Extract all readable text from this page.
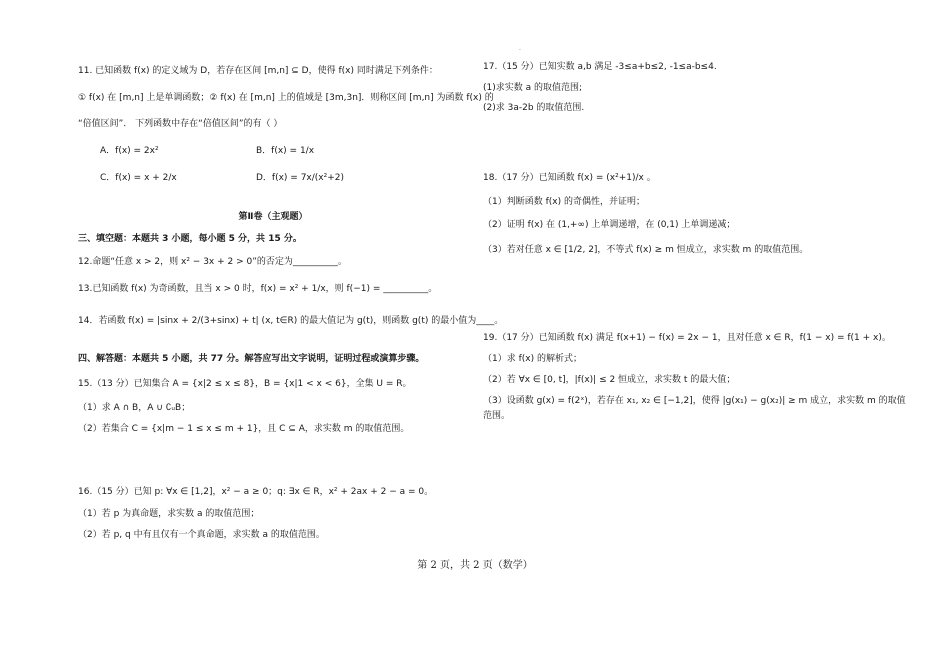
11. 已知函数 f(x) 的定义域为 D，若存在区间 [m,n] ⊆ D，使得 f(x) 同时满足下列条件：
① f(x) 在 [m,n] 上是单调函数；② f(x) 在 [m,n] 上的值域是 [3m,3n]．则称区间 [m,n] 为函数 f(x) 的
“倍值区间”． 下列函数中存在“倍值区间”的有（ ）
A．f(x) = 2x²	B．f(x) = 1/x
C．f(x) = x + 2/x	D．f(x) = 7x/(x²+2)
第Ⅱ卷（主观题）
三、填空题：本题共 3 小题，每小题 5 分，共 15 分。
12.命题“任意 x > 2，则 x² − 3x + 2 > 0”的否定为__________。
13.已知函数 f(x) 为奇函数，且当 x > 0 时，f(x) = x² + 1/x，则 f(−1) = __________。
14．若函数 f(x) = |sinx + 2/(3+sinx) + t| (x, t∈R) 的最大值记为 g(t)，则函数 g(t) 的最小值为____。
四、解答题：本题共 5 小题，共 77 分。解答应写出文字说明，证明过程或演算步骤。
15.（13 分）已知集合 A = {x|2 ≤ x ≤ 8}，B = {x|1 < x < 6}，全集 U = R。
（1）求 A ∩ B，A ∪ ∁ᵤB；
（2）若集合 C = {x|m − 1 ≤ x ≤ m + 1}，且 C ⊆ A，求实数 m 的取值范围。
16.（15 分）已知 p: ∀x ∈ [1,2]，x² − a ≥ 0；q: ∃x ∈ R，x² + 2ax + 2 − a = 0。
（1）若 p 为真命题，求实数 a 的取值范围；
（2）若 p, q 中有且仅有一个真命题，求实数 a 的取值范围。
·
17.（15 分）已知实数 a,b 满足 -3≤a+b≤2, -1≤a-b≤4.
(1)求实数 a 的取值范围;
(2)求 3a-2b 的取值范围.
18.（17 分）已知函数 f(x) = (x²+1)/x 。
（1）判断函数 f(x) 的奇偶性，并证明；
（2）证明 f(x) 在 (1,+∞) 上单调递增，在 (0,1) 上单调递减；
（3）若对任意 x ∈ [1/2, 2]，不等式 f(x) ≥ m 恒成立，求实数 m 的取值范围。
19.（17 分）已知函数 f(x) 满足 f(x+1) − f(x) = 2x − 1，且对任意 x ∈ R，f(1 − x) = f(1 + x)。
（1）求 f(x) 的解析式；
（2）若 ∀x ∈ [0, t]，|f(x)| ≤ 2 恒成立，求实数 t 的最大值；
（3）设函数 g(x) = f(2ˣ)，若存在 x₁, x₂ ∈ [−1,2]，使得 |g(x₁) − g(x₂)| ≥ m 成立，求实数 m 的取值
范围。
第 2 页，共 2 页（数学）
